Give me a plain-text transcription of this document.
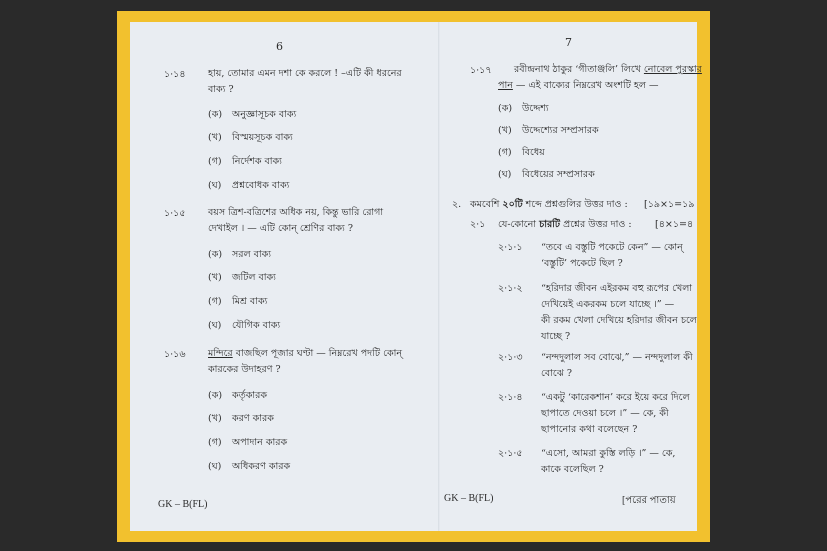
6
১·১৪ হায়, তোমার এমন দশা কে করলে ! –এটি কী ধরনের
বাক্য ?
(ক) অনুজ্ঞাসূচক বাক্য
(খ) বিস্ময়সূচক বাক্য
(গ) নির্দেশক বাক্য
(ঘ) প্রশ্নবোধক বাক্য
১·১৫ বয়স ত্রিশ-বত্রিশের অধিক নয়, কিন্তু ভারি রোগা
দেখাইল । — এটি কোন্ শ্রেণির বাক্য ?
(ক) সরল বাক্য
(খ) জটিল বাক্য
(গ) মিশ্র বাক্য
(ঘ) যৌগিক বাক্য
১·১৬ মন্দিরে বাজছিল পূজার ঘণ্টা — নিম্নরেখ পদটি কোন্
কারকের উদাহরণ ?
(ক) কর্তৃকারক
(খ) করণ কারক
(গ) অপাদান কারক
(ঘ) অধিকরণ কারক
GK – B(FL)
7
১·১৭ রবীন্দ্রনাথ ঠাকুর ‘গীতাঞ্জলি’ লিখে নোবেল পুরস্কার
পান — এই বাক্যের নিম্নরেখ অংশটি হল —
(ক) উদ্দেশ্য
(খ) উদ্দেশ্যের সম্প্রসারক
(গ) বিধেয়
(ঘ) বিধেয়ের সম্প্রসারক
২. কমবেশি ২০টি শব্দে প্রশ্নগুলির উত্তর দাও : [১৯×১=১৯
২·১ যে-কোনো চারটি প্রশ্নের উত্তর দাও : [৪×১=৪
২·১·১ “তবে এ বস্তুটি পকেটে কেন” — কোন্
‘বস্তুটি’ পকেটে ছিল ?
২·১·২ “হরিদার জীবন এইরকম বহু রূপের খেলা
দেখিয়েই একরকম চলে যাচ্ছে ।” —
কী রকম খেলা দেখিয়ে হরিদার জীবন চলে
যাচ্ছে ?
২·১·৩ “নন্দদুলাল সব বোঝে,” — নন্দদুলাল কী
বোঝে ?
২·১·৪ “একটু ‘কারেকশান’ করে ইয়ে করে দিলে
ছাপাতে দেওয়া চলে ।” — কে, কী
ছাপানোর কথা বলেছেন ?
২·১·৫ “এসো, আমরা কুস্তি লড়ি ।” — কে,
কাকে বলেছিল ?
GK – B(FL)	[পরের পাতায়
